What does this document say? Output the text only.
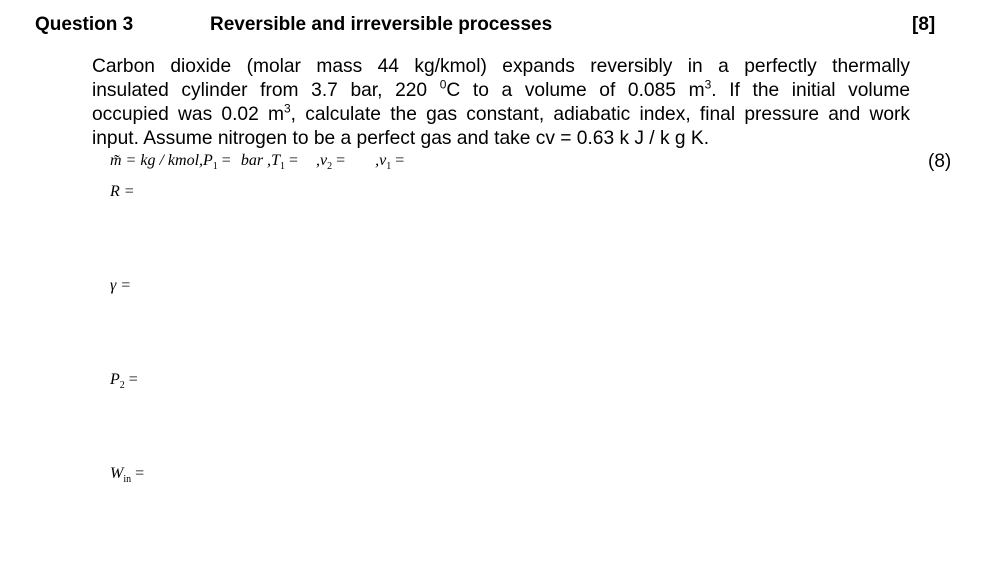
Question 3	Reversible and irreversible processes	[8]
Carbon dioxide (molar mass 44 kg/kmol) expands reversibly in a perfectly thermally
insulated cylinder from 3.7 bar, 220 $^0$C to a volume of 0.085 $m^3$. If the initial volume
occupied was 0.02 $m^3$, calculate the gas constant, adiabatic index, final pressure and work
input. Assume nitrogen to be a perfect gas and take cv = 0.63 k J / k g K.
m̃ = kg / $kmol,P_1$ = bar $,T_1 = ,v_2 = ,v_1$ =	(8)
R =
γ =
$P_2$ =
$W_{in}$ =
